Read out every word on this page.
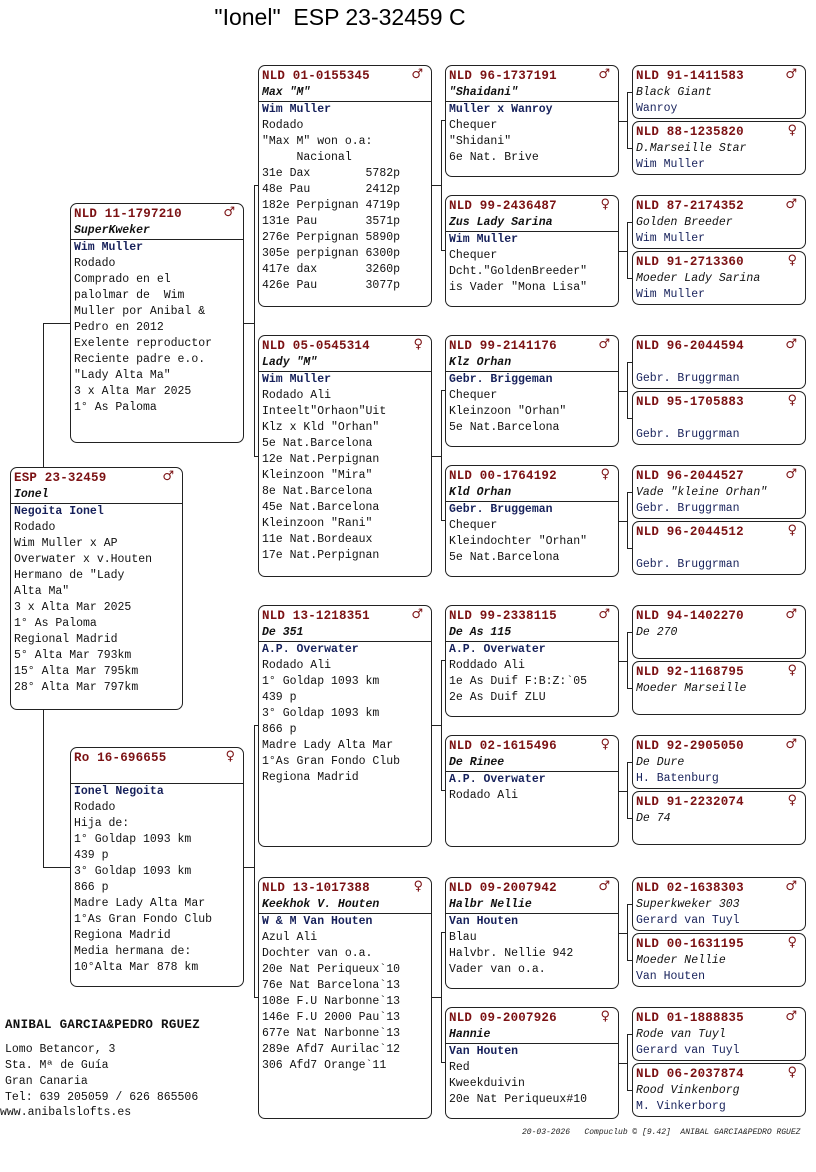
"Ionel"  ESP 23-32459 C
ESP 23-32459	♂
Ionel
Negoita Ionel
Rodado
Wim Muller x AP
Overwater x v.Houten
Hermano de "Lady
Alta Ma"
3 x Alta Mar 2025
1° As Paloma
Regional Madrid
5° Alta Mar 793km
15° Alta Mar 795km
28° Alta Mar 797km
NLD 11-1797210	♂
SuperKweker
Wim Muller
Rodado
Comprado en el
palolmar de  Wim
Muller por Anibal &
Pedro en 2012
Exelente reproductor
Reciente padre e.o.
"Lady Alta Ma"
3 x Alta Mar 2025
1° As Paloma
Ro 16-696655	♀
Ionel Negoita
Rodado
Hija de:
1° Goldap 1093 km
439 p
3° Goldap 1093 km
866 p
Madre Lady Alta Mar
1°As Gran Fondo Club
Regiona Madrid
Media hermana de:
10°Alta Mar 878 km
NLD 01-0155345	♂
Max "M"
Wim Muller
Rodado
"Max M" won o.a:
Nacional
31e Dax        5782p
48e Pau        2412p
182e Perpignan 4719p
131e Pau       3571p
276e Perpignan 5890p
305e perpignan 6300p
417e dax       3260p
426e Pau       3077p
NLD 05-0545314	♀
Lady "M"
Wim Muller
Rodado Ali
Inteelt"Orhaon"Uit
Klz x Kld "Orhan"
5e Nat.Barcelona
12e Nat.Perpignan
Kleinzoon "Mira"
8e Nat.Barcelona
45e Nat.Barcelona
Kleinzoon "Rani"
11e Nat.Bordeaux
17e Nat.Perpignan
NLD 13-1218351	♂
De 351
A.P. Overwater
Rodado Ali
1° Goldap 1093 km
439 p
3° Goldap 1093 km
866 p
Madre Lady Alta Mar
1°As Gran Fondo Club
Regiona Madrid
NLD 13-1017388	♀
Keekhok V. Houten
W & M Van Houten
Azul Ali
Dochter van o.a.
20e Nat Periqueux`10
76e Nat Barcelona`13
108e F.U Narbonne`13
146e F.U 2000 Pau`13
677e Nat Narbonne`13
289e Afd7 Aurilac`12
306 Afd7 Orange`11
NLD 96-1737191	♂
"Shaidani"
Muller x Wanroy
Chequer
"Shidani"
6e Nat. Brive
NLD 99-2436487	♀
Zus Lady Sarina
Wim Muller
Chequer
Dcht."GoldenBreeder"
is Vader "Mona Lisa"
NLD 99-2141176	♂
Klz Orhan
Gebr. Briggeman
Chequer
Kleinzoon "Orhan"
5e Nat.Barcelona
NLD 00-1764192	♀
Kld Orhan
Gebr. Bruggeman
Chequer
Kleindochter "Orhan"
5e Nat.Barcelona
NLD 99-2338115	♂
De As 115
A.P. Overwater
Roddado Ali
1e As Duif F:B:Z:`05
2e As Duif ZLU
NLD 02-1615496	♀
De Rinee
A.P. Overwater
Rodado Ali
NLD 09-2007942	♂
Halbr Nellie
Van Houten
Blau
Halvbr. Nellie 942
Vader van o.a.
NLD 09-2007926	♀
Hannie
Van Houten
Red
Kweekduivin
20e Nat Periqueux#10
NLD 91-1411583	♂
Black Giant
Wanroy
NLD 88-1235820	♀
D.Marseille Star
Wim Muller
NLD 87-2174352	♂
Golden Breeder
Wim Muller
NLD 91-2713360	♀
Moeder Lady Sarina
Wim Muller
NLD 96-2044594	♂
Gebr. Bruggrman
NLD 95-1705883	♀
Gebr. Bruggrman
NLD 96-2044527	♂
Vade "kleine Orhan"
Gebr. Bruggrman
NLD 96-2044512	♀
Gebr. Bruggrman
NLD 94-1402270	♂
De 270
NLD 92-1168795	♀
Moeder Marseille
NLD 92-2905050	♂
De Dure
H. Batenburg
NLD 91-2232074	♀
De 74
NLD 02-1638303	♂
Superkweker 303
Gerard van Tuyl
NLD 00-1631195	♀
Moeder Nellie
Van Houten
NLD 01-1888835	♂
Rode van Tuyl
Gerard van Tuyl
NLD 06-2037874	♀
Rood Vinkenborg
M. Vinkerborg
ANIBAL GARCIA&PEDRO RGUEZ
Lomo Betancor, 3
Sta. Mª de Guía
Gran Canaria
Tel: 639 205059 / 626 865506
www.anibalslofts.es
20-03-2026   Compuclub © [9.42]  ANIBAL GARCIA&PEDRO RGUEZ
